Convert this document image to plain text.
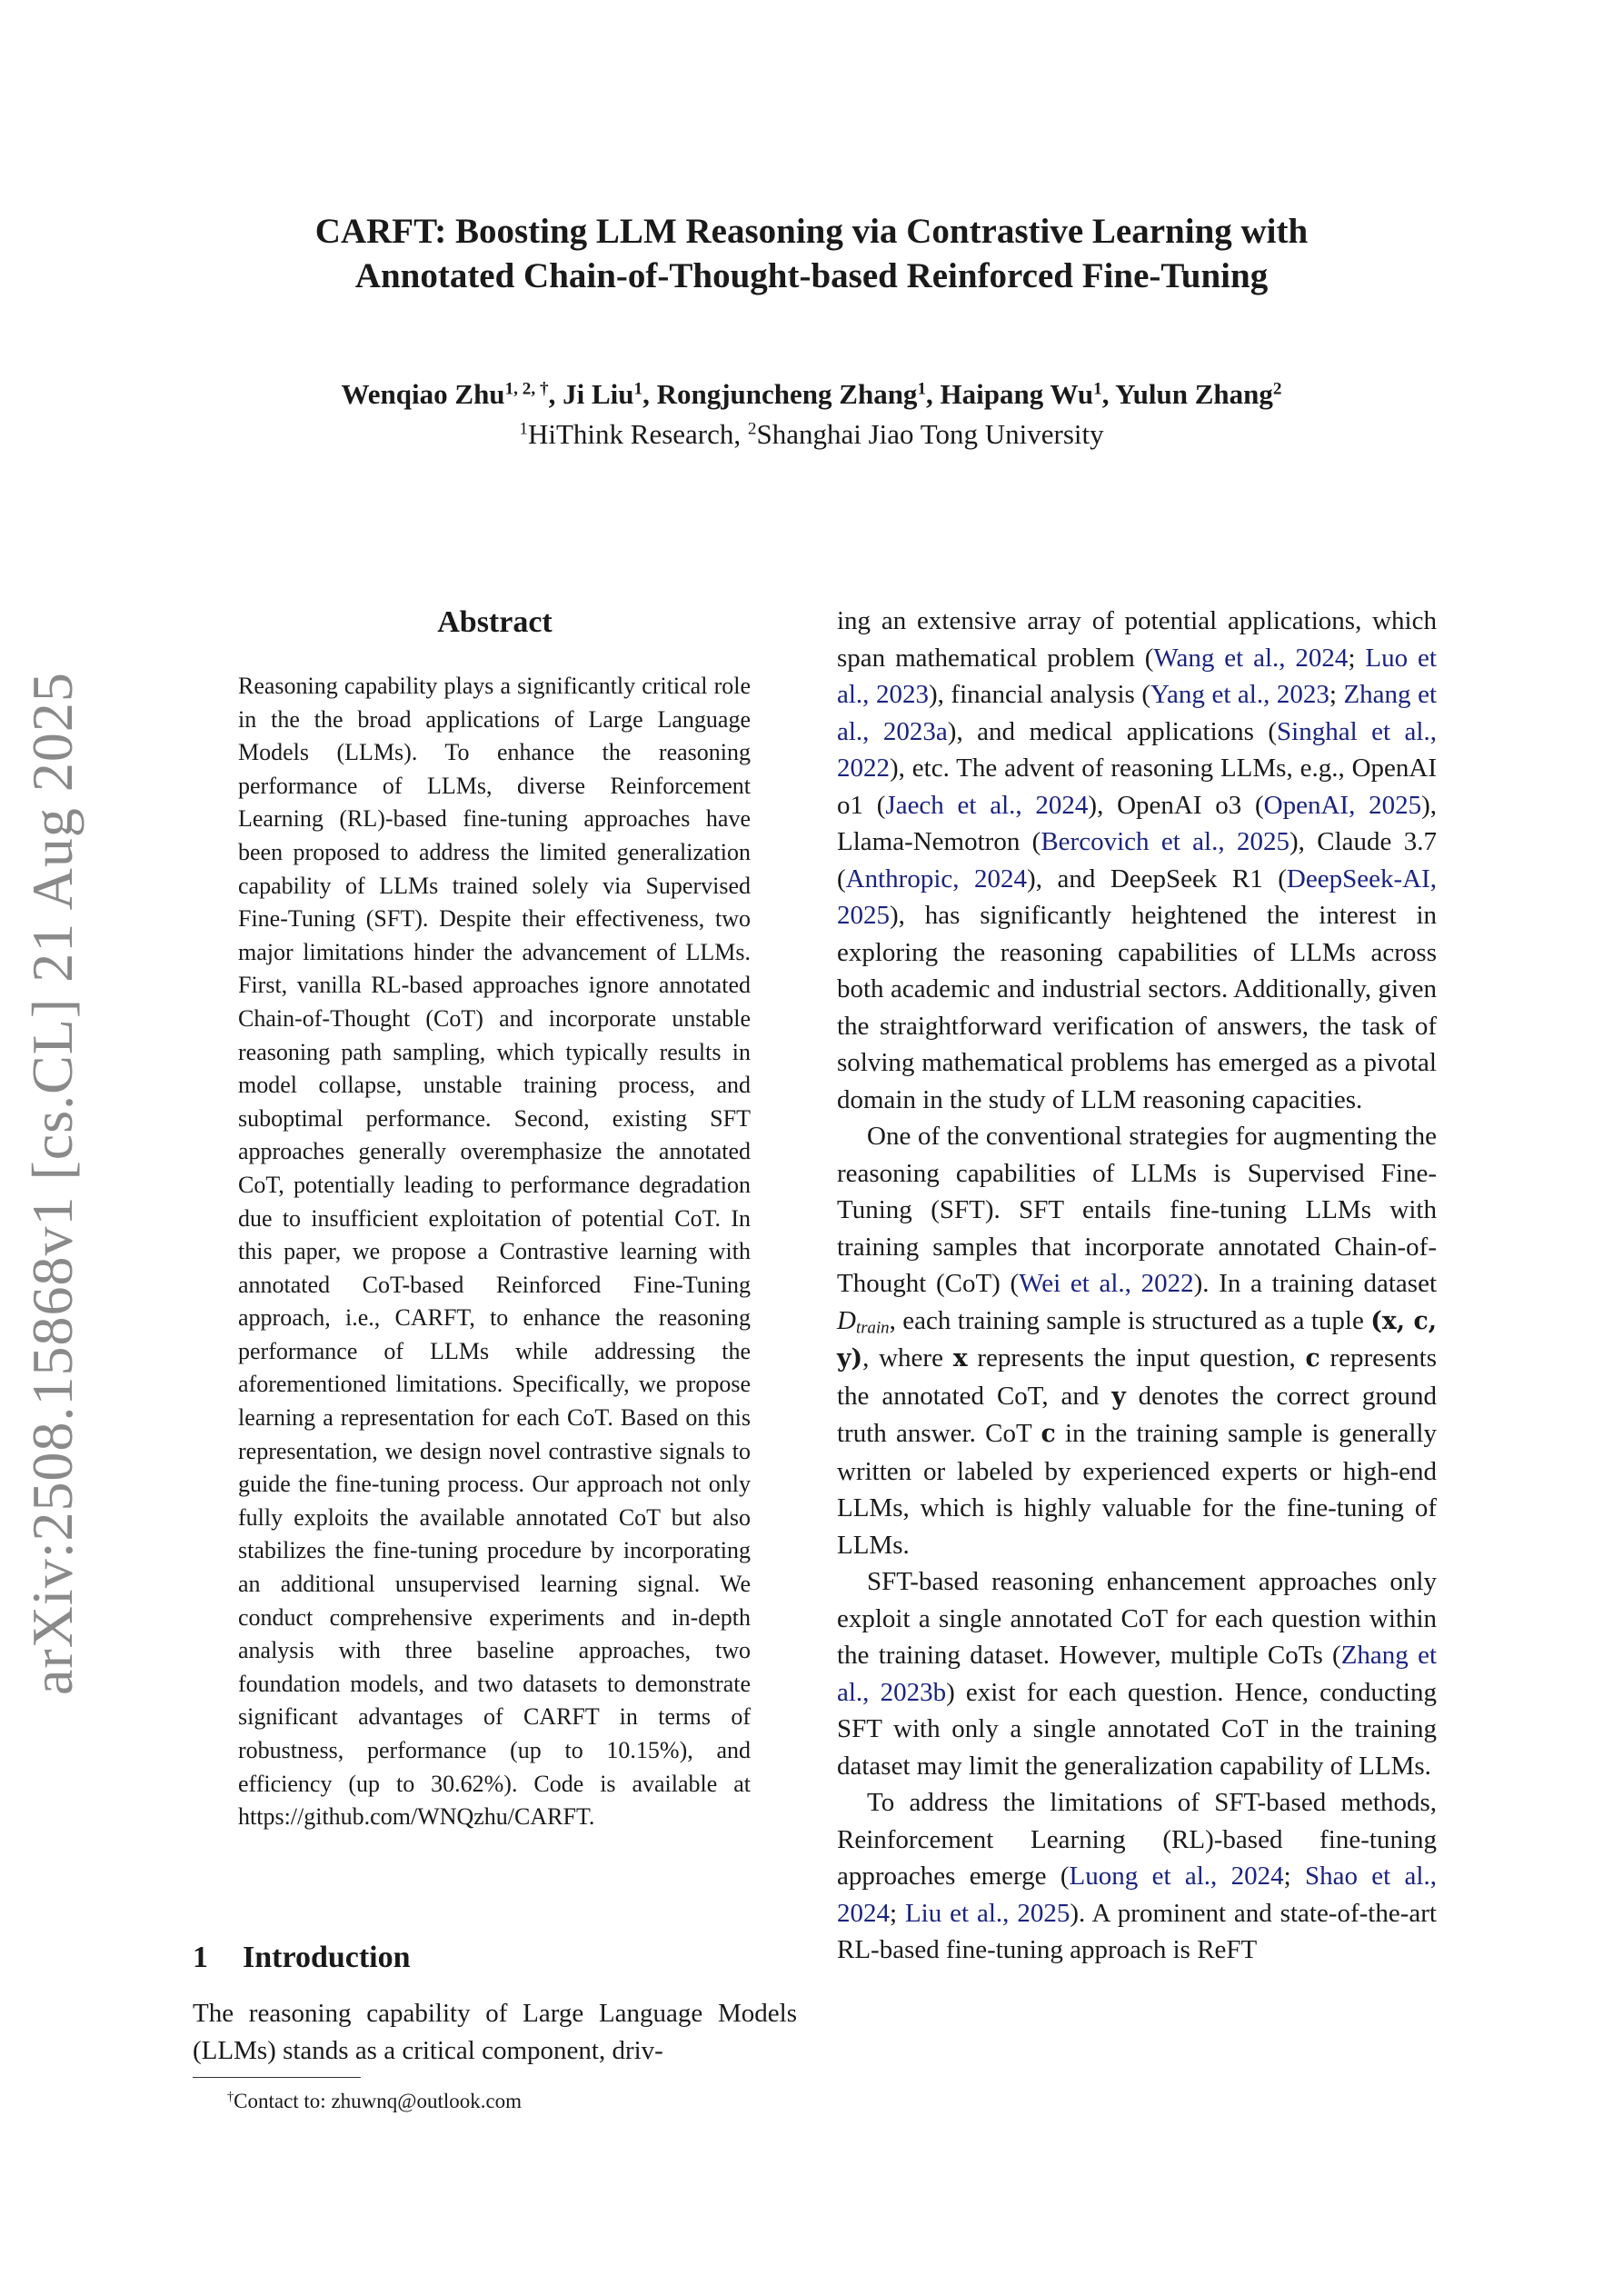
arXiv:2508.15868v1 [cs.CL] 21 Aug 2025
CARFT: Boosting LLM Reasoning via Contrastive Learning with
Annotated Chain-of-Thought-based Reinforced Fine-Tuning
Wenqiao Zhu$^{1, 2, \dagger}$, Ji Liu$^1$, Rongjuncheng Zhang$^1$, Haipang Wu$^1$, Yulun Zhang$^2$
$^1$HiThink Research, $^2$Shanghai Jiao Tong University
Abstract
Reasoning capability plays a significantly critical role in the the broad applications of Large Language Models (LLMs). To enhance the reasoning performance of LLMs, diverse Reinforcement Learning (RL)-based fine-tuning approaches have been proposed to address the limited generalization capability of LLMs trained solely via Supervised Fine-Tuning (SFT). Despite their effectiveness, two major limitations hinder the advancement of LLMs. First, vanilla RL-based approaches ignore annotated Chain-of-Thought (CoT) and incorporate unstable reasoning path sampling, which typically results in model collapse, unstable training process, and suboptimal performance. Second, existing SFT approaches generally overemphasize the annotated CoT, potentially leading to performance degradation due to insufficient exploitation of potential CoT. In this paper, we propose a Contrastive learning with annotated CoT-based Reinforced Fine-Tuning approach, i.e., CARFT, to enhance the reasoning performance of LLMs while addressing the aforementioned limitations. Specifically, we propose learning a representation for each CoT. Based on this representation, we design novel contrastive signals to guide the fine-tuning process. Our approach not only fully exploits the available annotated CoT but also stabilizes the fine-tuning procedure by incorporating an additional unsupervised learning signal. We conduct comprehensive experiments and in-depth analysis with three baseline approaches, two foundation models, and two datasets to demonstrate significant advantages of CARFT in terms of robustness, performance (up to 10.15%), and efficiency (up to 30.62%). Code is available at https://github.com/WNQzhu/CARFT.
1 Introduction
The reasoning capability of Large Language Models (LLMs) stands as a critical component, driv-
†Contact to: zhuwnq@outlook.com

ing an extensive array of potential applications, which span mathematical problem (Wang et al., 2024; Luo et al., 2023), financial analysis (Yang et al., 2023; Zhang et al., 2023a), and medical applications (Singhal et al., 2022), etc. The advent of reasoning LLMs, e.g., OpenAI o1 (Jaech et al., 2024), OpenAI o3 (OpenAI, 2025), Llama-Nemotron (Bercovich et al., 2025), Claude 3.7 (Anthropic, 2024), and DeepSeek R1 (DeepSeek-AI, 2025), has significantly heightened the interest in exploring the reasoning capabilities of LLMs across both academic and industrial sectors. Additionally, given the straightforward verification of answers, the task of solving mathematical problems has emerged as a pivotal domain in the study of LLM reasoning capacities.

One of the conventional strategies for augmenting the reasoning capabilities of LLMs is Supervised Fine-Tuning (SFT). SFT entails fine-tuning LLMs with training samples that incorporate annotated Chain-of-Thought (CoT) (Wei et al., 2022). In a training dataset $D_{train}$, each training sample is structured as a tuple (x, c, y), where x represents the input question, c represents the annotated CoT, and y denotes the correct ground truth answer. CoT c in the training sample is generally written or labeled by experienced experts or high-end LLMs, which is highly valuable for the fine-tuning of LLMs.

SFT-based reasoning enhancement approaches only exploit a single annotated CoT for each question within the training dataset. However, multiple CoTs (Zhang et al., 2023b) exist for each question. Hence, conducting SFT with only a single annotated CoT in the training dataset may limit the generalization capability of LLMs.

To address the limitations of SFT-based methods, Reinforcement Learning (RL)-based fine-tuning approaches emerge (Luong et al., 2024; Shao et al., 2024; Liu et al., 2025). A prominent and state-of-the-art RL-based fine-tuning approach is ReFT
